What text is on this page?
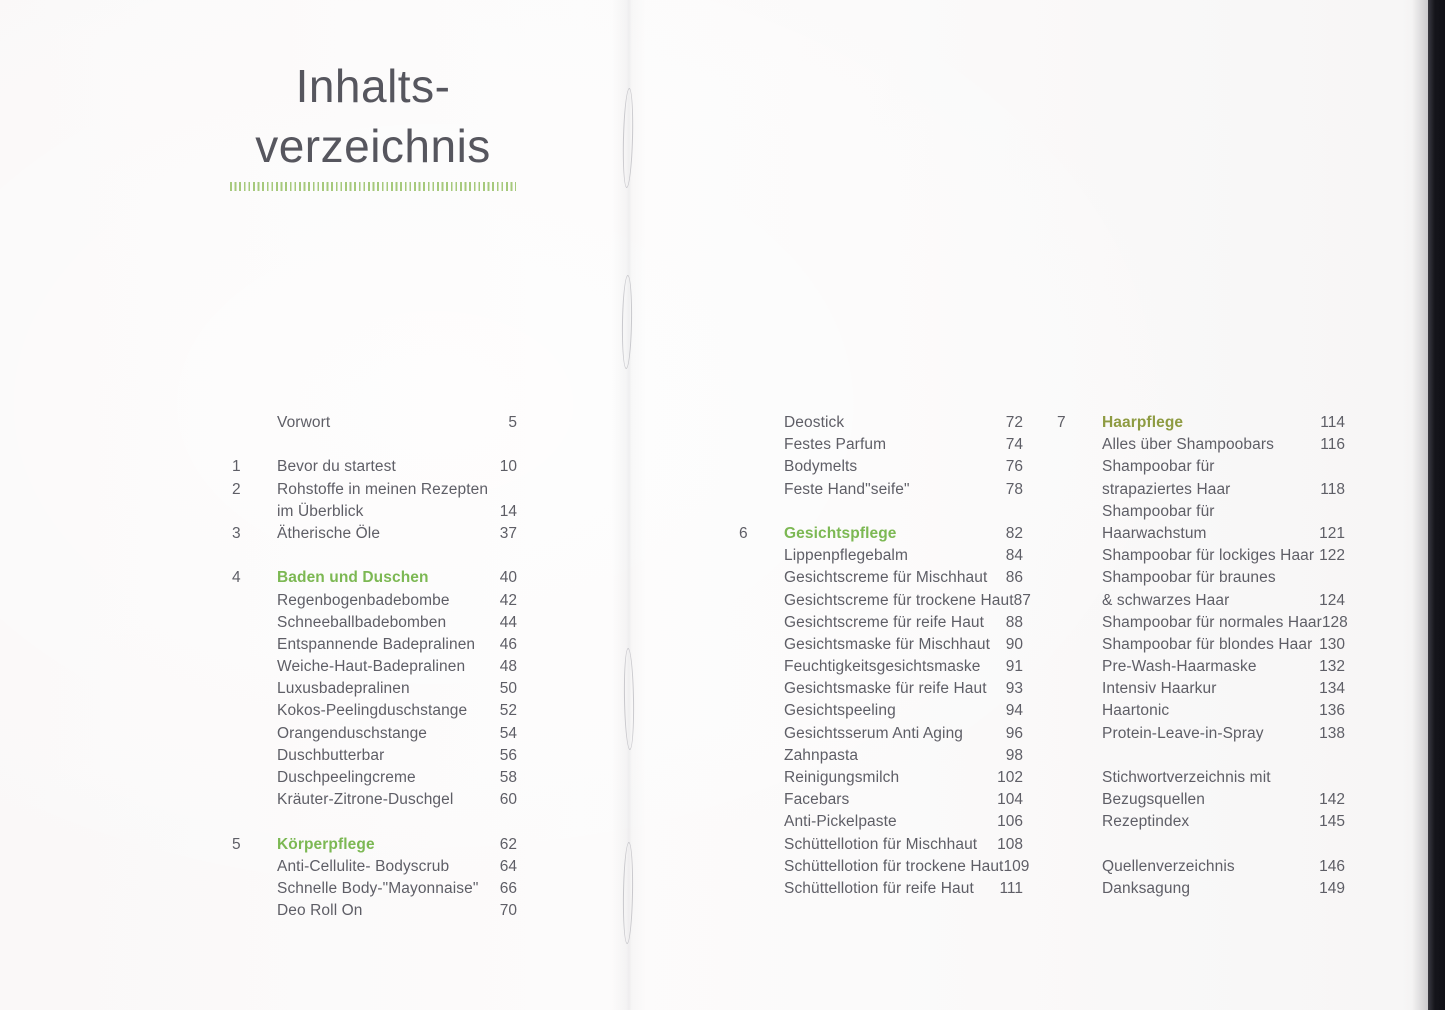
Inhalts-
verzeichnis
Vorwort	5
1	Bevor du startest	10
2	Rohstoffe in meinen Rezepten
im Überblick	14
3	Ätherische Öle	37
4	Baden und Duschen	40
Regenbogenbadebombe	42
Schneeballbadebomben	44
Entspannende Badepralinen	46
Weiche-Haut-Badepralinen	48
Luxusbadepralinen	50
Kokos-Peelingduschstange	52
Orangenduschstange	54
Duschbutterbar	56
Duschpeelingcreme	58
Kräuter-Zitrone-Duschgel	60
5	Körperpflege	62
Anti-Cellulite- Bodyscrub	64
Schnelle Body-"Mayonnaise"	66
Deo Roll On	70
Deostick	72
Festes Parfum	74
Bodymelts	76
Feste Hand"seife"	78
6	Gesichtspflege	82
Lippenpflegebalm	84
Gesichtscreme für Mischhaut	86
Gesichtscreme für trockene Haut 87
Gesichtscreme für reife Haut	88
Gesichtsmaske für Mischhaut	90
Feuchtigkeitsgesichtsmaske	91
Gesichtsmaske für reife Haut	93
Gesichtspeeling	94
Gesichtsserum Anti Aging	96
Zahnpasta	98
Reinigungsmilch	102
Facebars	104
Anti-Pickelpaste	106
Schüttellotion für Mischhaut	108
Schüttellotion für trockene Haut 109
Schüttellotion für reife Haut	111
7	Haarpflege	114
Alles über Shampoobars	116
Shampoobar für
strapaziertes Haar	118
Shampoobar für
Haarwachstum	121
Shampoobar für lockiges Haar 122
Shampoobar für braunes
& schwarzes Haar	124
Shampoobar für normales Haar 128
Shampoobar für blondes Haar 130
Pre-Wash-Haarmaske	132
Intensiv Haarkur	134
Haartonic	136
Protein-Leave-in-Spray	138
Stichwortverzeichnis mit
Bezugsquellen	142
Rezeptindex	145
Quellenverzeichnis	146
Danksagung	149
